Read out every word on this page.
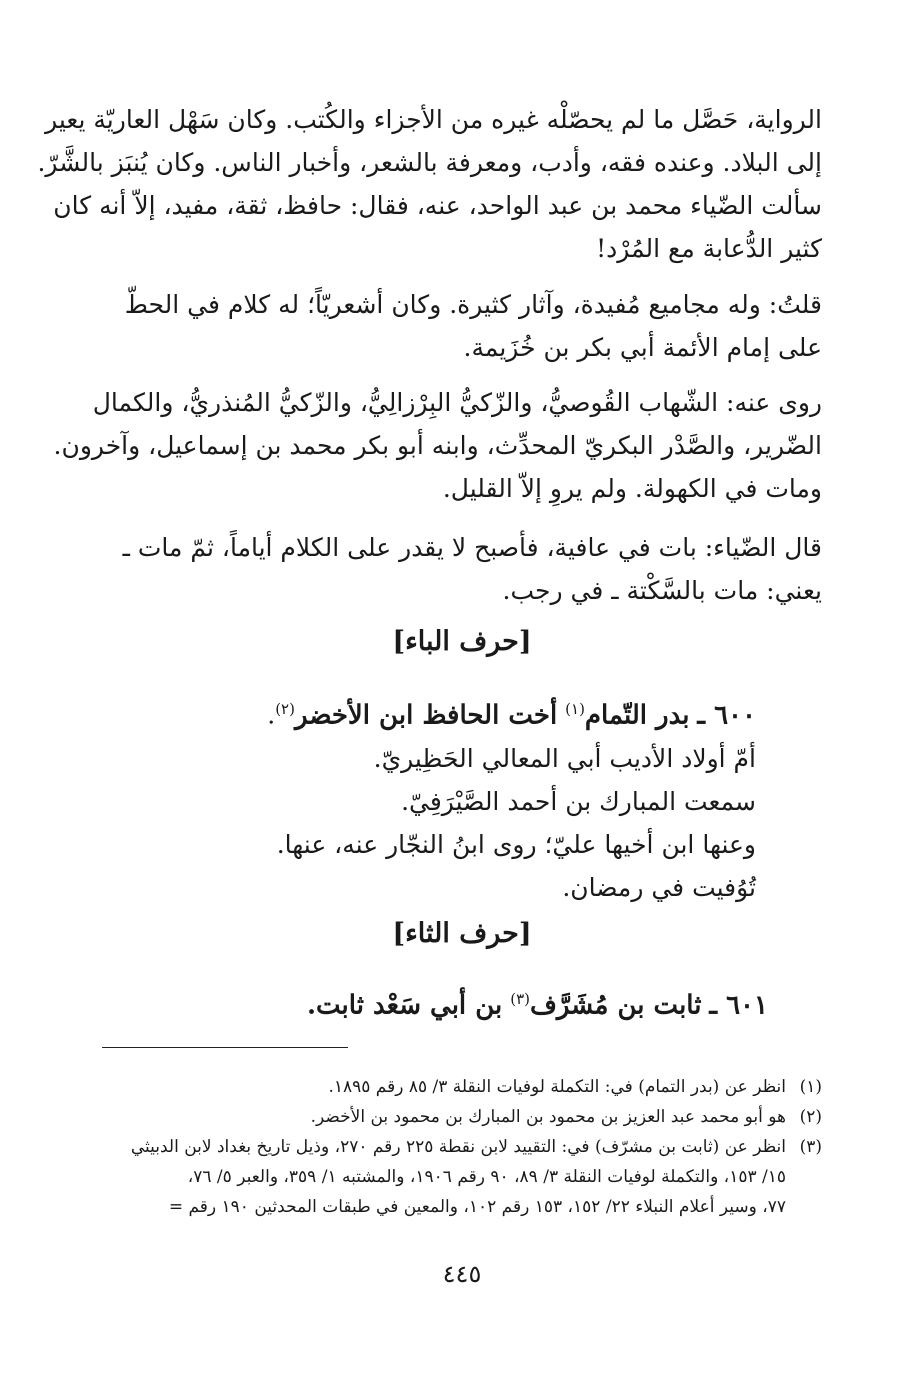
الرواية، حَصَّل ما لم يحصّلْه غيره من الأجزاء والكُتب. وكان سَهْل العاريّة يعير
إلى البلاد. وعنده فقه، وأدب، ومعرفة بالشعر، وأخبار الناس. وكان يُنبَز بالشَّرّ.
سألت الضّياء محمد بن عبد الواحد، عنه، فقال: حافظ، ثقة، مفيد، إلاّ أنه كان
كثير الدُّعابة مع المُرْد!

قلتُ: وله مجاميع مُفيدة، وآثار كثيرة. وكان أشعريّاً؛ له كلام في الحطّ
على إمام الأئمة أبي بكر بن خُزَيمة.

روى عنه: الشّهاب القُوصيُّ، والزّكيُّ البِرْزالِيُّ، والزّكيُّ المُنذريُّ، والكمال
الضّرير، والصَّدْر البكريّ المحدِّث، وابنه أبو بكر محمد بن إسماعيل، وآخرون.
ومات في الكهولة. ولم يروِ إلاّ القليل.

قال الضّياء: بات في عافية، فأصبح لا يقدر على الكلام أياماً، ثمّ مات ـ
يعني: مات بالسَّكْتة ـ في رجب.

[حرف الباء]

٦٠٠ ـ بدر التّمام$^{(١)}$ أخت الحافظ ابن الأخضر$^{(٢)}$.
أمّ أولاد الأديب أبي المعالي الحَظِيريّ.
سمعت المبارك بن أحمد الصَّيْرَفِيّ.
وعنها ابن أخيها عليّ؛ روى ابنُ النجّار عنه، عنها.
تُوُفيت في رمضان.

[حرف الثاء]

٦٠١ ـ ثابت بن مُشَرَّف$^{(٣)}$ بن أبي سَعْد ثابت.

(١)
انظر عن (بدر التمام) في: التكملة لوفيات النقلة ٣/ ٨٥ رقم ١٨٩٥.
(٢)
هو أبو محمد عبد العزيز بن محمود بن المبارك بن محمود بن الأخضر.
(٣)
انظر عن (ثابت بن مشرّف) في: التقييد لابن نقطة ٢٢٥ رقم ٢٧٠، وذيل تاريخ بغداد لابن الدبيثي
١٥/ ١٥٣، والتكملة لوفيات النقلة ٣/ ٨٩، ٩٠ رقم ١٩٠٦، والمشتبه ١/ ٣٥٩، والعبر ٥/ ٧٦،
٧٧، وسير أعلام النبلاء ٢٢/ ١٥٢، ١٥٣ رقم ١٠٢، والمعين في طبقات المحدثين ١٩٠ رقم =
٤٤٥
